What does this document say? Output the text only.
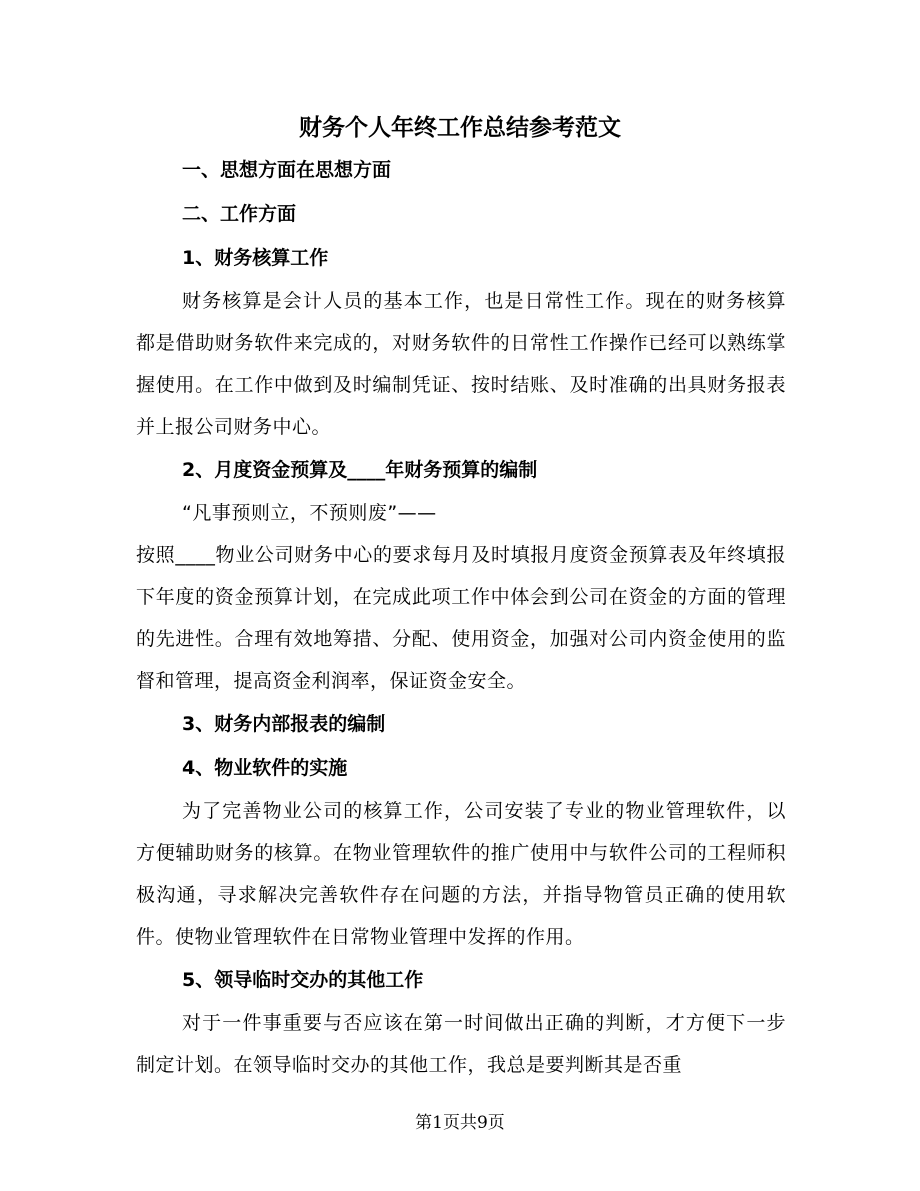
财务个人年终工作总结参考范文

一、思想方面在思想方面

二、工作方面

1、财务核算工作

财务核算是会计人员的基本工作，也是日常性工作。现在的财务核算都是借助财务软件来完成的，对财务软件的日常性工作操作已经可以熟练掌握使用。在工作中做到及时编制凭证、按时结账、及时准确的出具财务报表并上报公司财务中心。

2、月度资金预算及____年财务预算的编制

“凡事预则立，不预则废”——

按照____物业公司财务中心的要求每月及时填报月度资金预算表及年终填报下年度的资金预算计划，在完成此项工作中体会到公司在资金的方面的管理的先进性。合理有效地筹措、分配、使用资金，加强对公司内资金使用的监督和管理，提高资金利润率，保证资金安全。

3、财务内部报表的编制

4、物业软件的实施

为了完善物业公司的核算工作，公司安装了专业的物业管理软件，以方便辅助财务的核算。在物业管理软件的推广使用中与软件公司的工程师积极沟通，寻求解决完善软件存在问题的方法，并指导物管员正确的使用软件。使物业管理软件在日常物业管理中发挥的作用。

5、领导临时交办的其他工作

对于一件事重要与否应该在第一时间做出正确的判断，才方便下一步制定计划。在领导临时交办的其他工作，我总是要判断其是否重

第1页共9页
